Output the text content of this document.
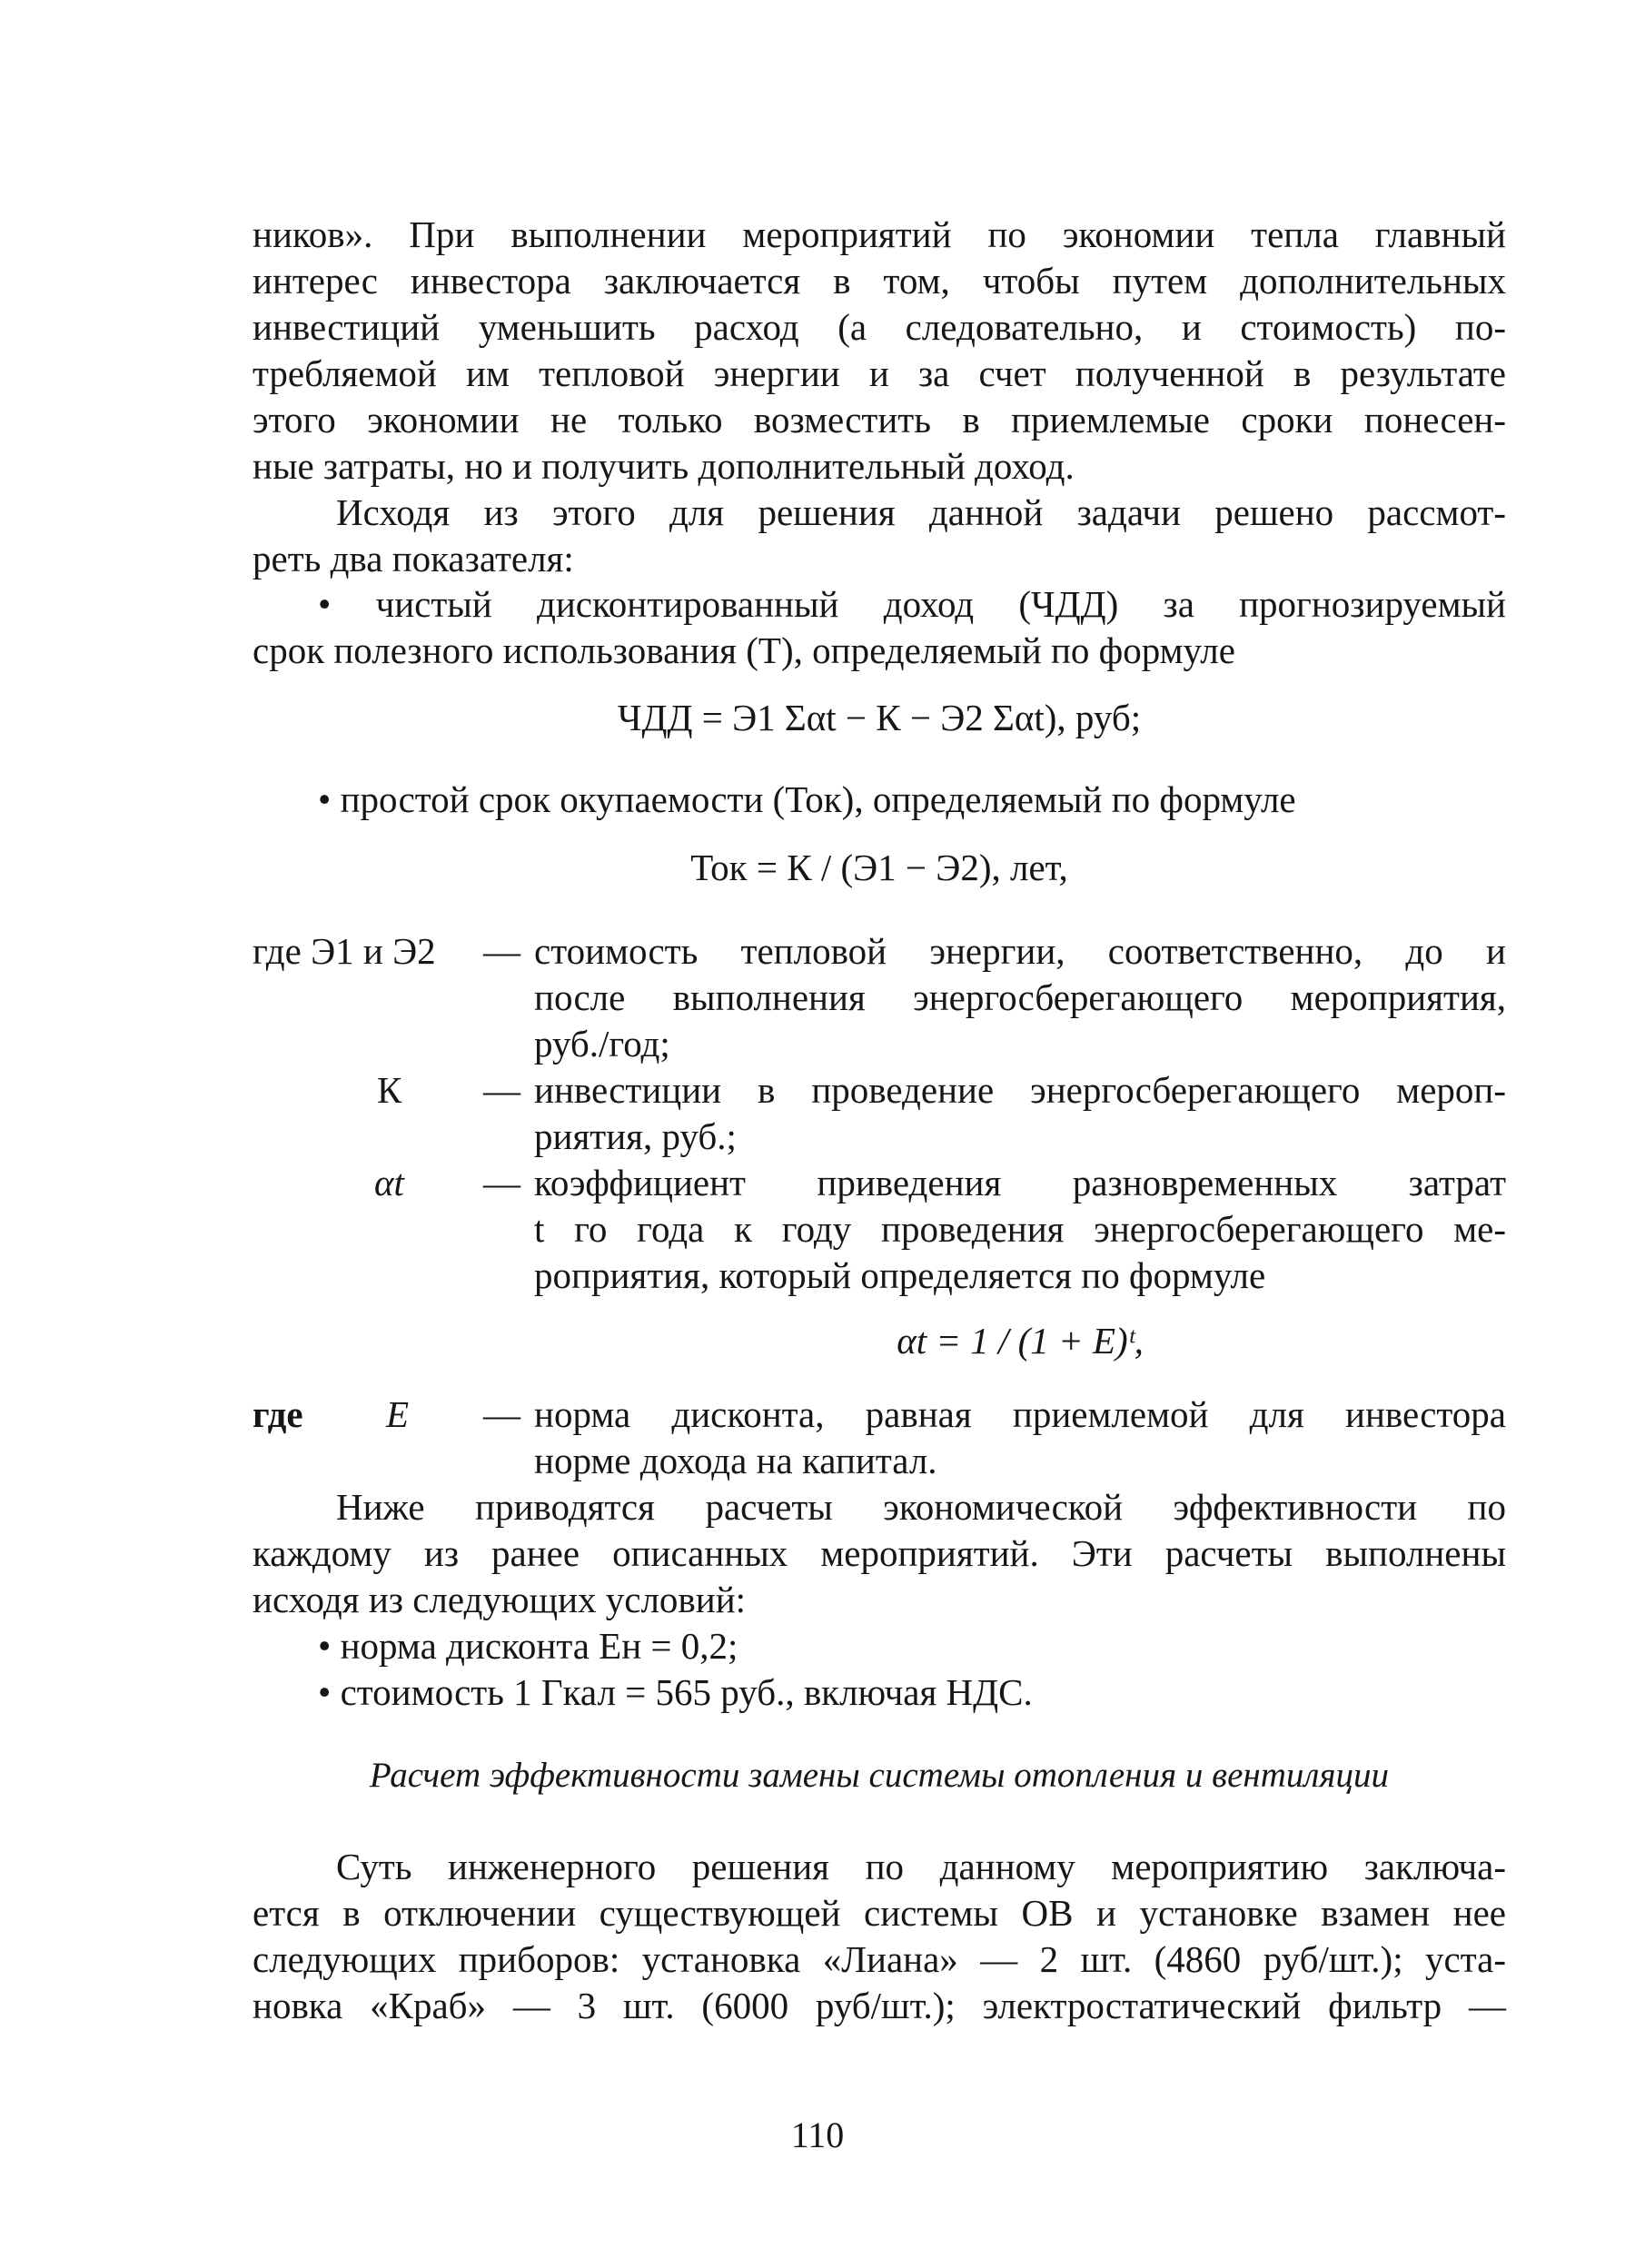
ников». При выполнении мероприятий по экономии тепла главный
интерес инвестора заключается в том, чтобы путем дополнительных
инвестиций уменьшить расход (а следовательно, и стоимость) по-
требляемой им тепловой энергии и за счет полученной в результате
этого экономии не только возместить в приемлемые сроки понесен-
ные затраты, но и получить дополнительный доход.
Исходя из этого для решения данной задачи решено рассмот-
реть два показателя:
• чистый дисконтированный доход (ЧДД) за прогнозируемый
срок полезного использования (Т), определяемый по формуле
ЧДД = Э1 Σαt − К − Э2 Σαt), руб;
• простой срок окупаемости (Ток), определяемый по формуле
Ток = К / (Э1 − Э2), лет,
где Э1 и Э2 — стоимость тепловой энергии, соответственно, до и
после выполнения энергосберегающего мероприятия,
руб./год;
К — инвестиции в проведение энергосберегающего мероп-
риятия, руб.;
αt — коэффициент приведения разновременных затрат
t го года к году проведения энергосберегающего ме-
роприятия, который определяется по формуле
αt = 1 / (1 + E)ᵗ,
где E — норма дисконта, равная приемлемой для инвестора
норме дохода на капитал.
Ниже приводятся расчеты экономической эффективности по
каждому из ранее описанных мероприятий. Эти расчеты выполнены
исходя из следующих условий:
• норма дисконта Eн = 0,2;
• стоимость 1 Гкал = 565 руб., включая НДС.
Расчет эффективности замены системы отопления и вентиляции
Суть инженерного решения по данному мероприятию заключа-
ется в отключении существующей системы ОВ и установке взамен нее
следующих приборов: установка «Лиана» — 2 шт. (4860 руб/шт.); уста-
новка «Краб» — 3 шт. (6000 руб/шт.); электростатический фильтр —
110
